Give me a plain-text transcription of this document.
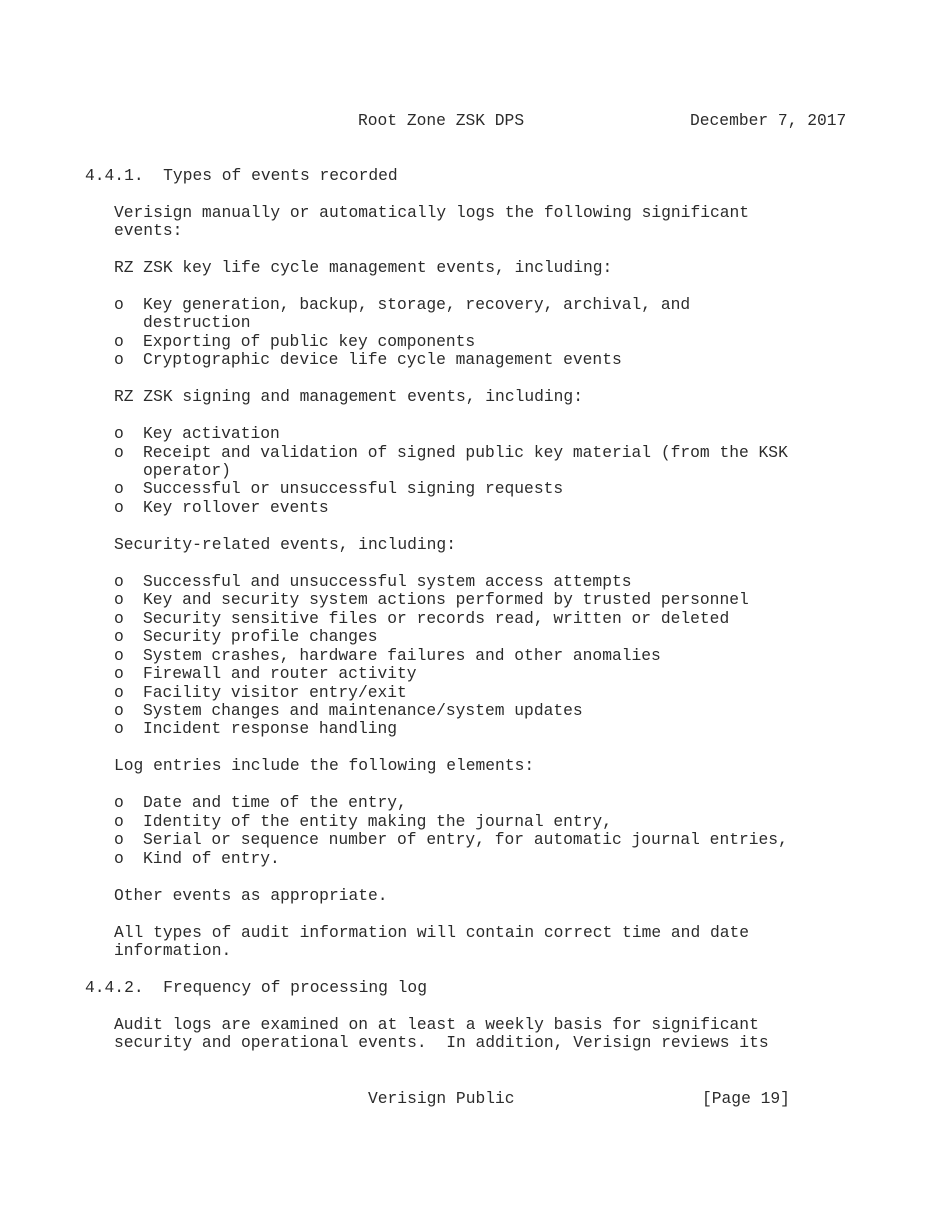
Root Zone ZSK DPS	December 7, 2017
4.4.1.  Types of events recorded
Verisign manually or automatically logs the following significant
events:
RZ ZSK key life cycle management events, including:
o Key generation, backup, storage, recovery, archival, and
destruction
o Exporting of public key components
o Cryptographic device life cycle management events
RZ ZSK signing and management events, including:
o Key activation
o Receipt and validation of signed public key material (from the KSK
operator)
o Successful or unsuccessful signing requests
o Key rollover events
Security-related events, including:
o Successful and unsuccessful system access attempts
o Key and security system actions performed by trusted personnel
o Security sensitive files or records read, written or deleted
o Security profile changes
o System crashes, hardware failures and other anomalies
o Firewall and router activity
o Facility visitor entry/exit
o System changes and maintenance/system updates
o Incident response handling
Log entries include the following elements:
o Date and time of the entry,
o Identity of the entity making the journal entry,
o Serial or sequence number of entry, for automatic journal entries,
o Kind of entry.
Other events as appropriate.
All types of audit information will contain correct time and date
information.
4.4.2.  Frequency of processing log
Audit logs are examined on at least a weekly basis for significant
security and operational events.  In addition, Verisign reviews its
Verisign Public	[Page 19]
